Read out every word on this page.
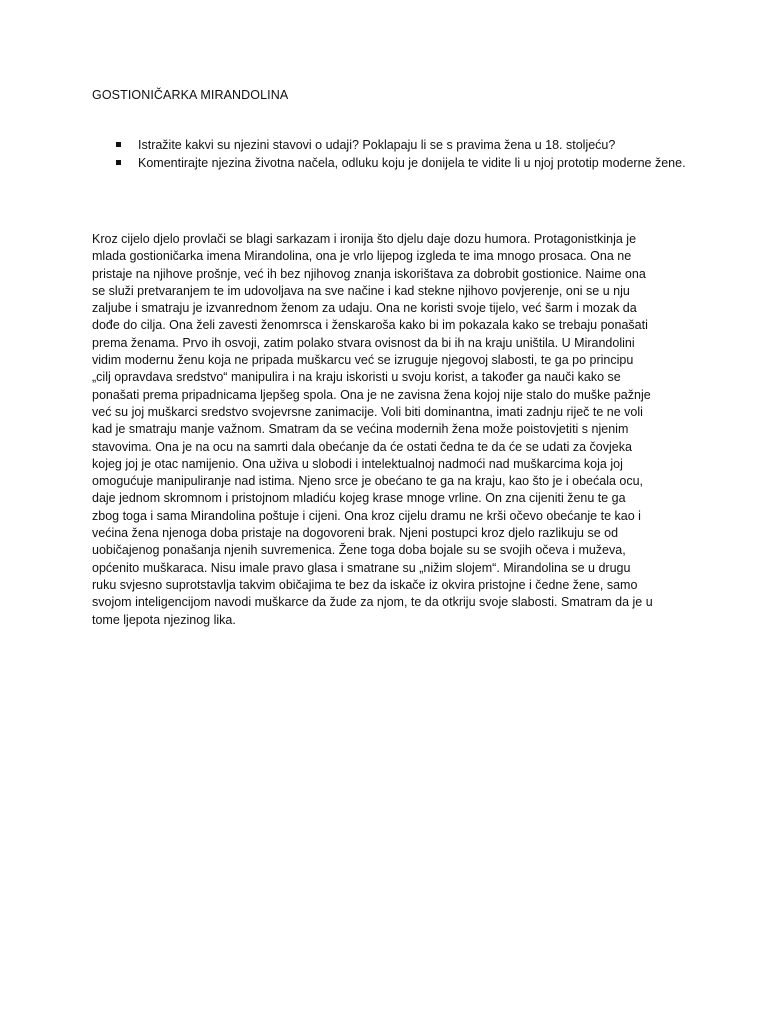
GOSTIONIČARKA MIRANDOLINA
Istražite kakvi su njezini stavovi o udaji? Poklapaju li se s pravima žena u 18. stoljeću?
Komentirajte njezina životna načela, odluku koju je donijela te vidite li u njoj prototip moderne žene.
Kroz cijelo djelo provlači se blagi sarkazam i ironija što djelu daje dozu humora. Protagonistkinja je
mlada gostioničarka imena Mirandolina, ona je vrlo lijepog izgleda te ima mnogo prosaca. Ona ne
pristaje na njihove prošnje, već ih bez njihovog znanja iskorištava za dobrobit gostionice. Naime ona
se služi pretvaranjem te im udovoljava na sve načine i kad stekne njihovo povjerenje, oni se u nju
zaljube i smatraju je izvanrednom ženom za udaju. Ona ne koristi svoje tijelo, već šarm i mozak da
dođe do cilja. Ona želi zavesti ženomrsca i ženskaroša kako bi im pokazala kako se trebaju ponašati
prema ženama. Prvo ih osvoji, zatim polako stvara ovisnost da bi ih na kraju uništila. U Mirandolini
vidim modernu ženu koja ne pripada muškarcu već se izruguje njegovoj slabosti, te ga po principu
„cilj opravdava sredstvo“ manipulira i na kraju iskoristi u svoju korist, a također ga nauči kako se
ponašati prema pripadnicama ljepšeg spola. Ona je ne zavisna žena kojoj nije stalo do muške pažnje
već su joj muškarci sredstvo svojevrsne zanimacije. Voli biti dominantna, imati zadnju riječ te ne voli
kad je smatraju manje važnom. Smatram da se većina modernih žena može poistovjetiti s njenim
stavovima. Ona je na ocu na samrti dala obećanje da će ostati čedna te da će se udati za čovjeka
kojeg joj je otac namijenio. Ona uživa u slobodi i intelektualnoj nadmoći nad muškarcima koja joj
omogućuje manipuliranje nad istima. Njeno srce je obećano te ga na kraju, kao što je i obećala ocu,
daje jednom skromnom i pristojnom mladiću kojeg krase mnoge vrline. On zna cijeniti ženu te ga
zbog toga i sama Mirandolina poštuje i cijeni. Ona kroz cijelu dramu ne krši očevo obećanje te kao i
većina žena njenoga doba pristaje na dogovoreni brak. Njeni postupci kroz djelo razlikuju se od
uobičajenog ponašanja njenih suvremenica. Žene toga doba bojale su se svojih očeva i muževa,
općenito muškaraca. Nisu imale pravo glasa i smatrane su „nižim slojem“. Mirandolina se u drugu
ruku svjesno suprotstavlja takvim običajima te bez da iskače iz okvira pristojne i čedne žene, samo
svojom inteligencijom navodi muškarce da žude za njom, te da otkriju svoje slabosti. Smatram da je u
tome ljepota njezinog lika.
